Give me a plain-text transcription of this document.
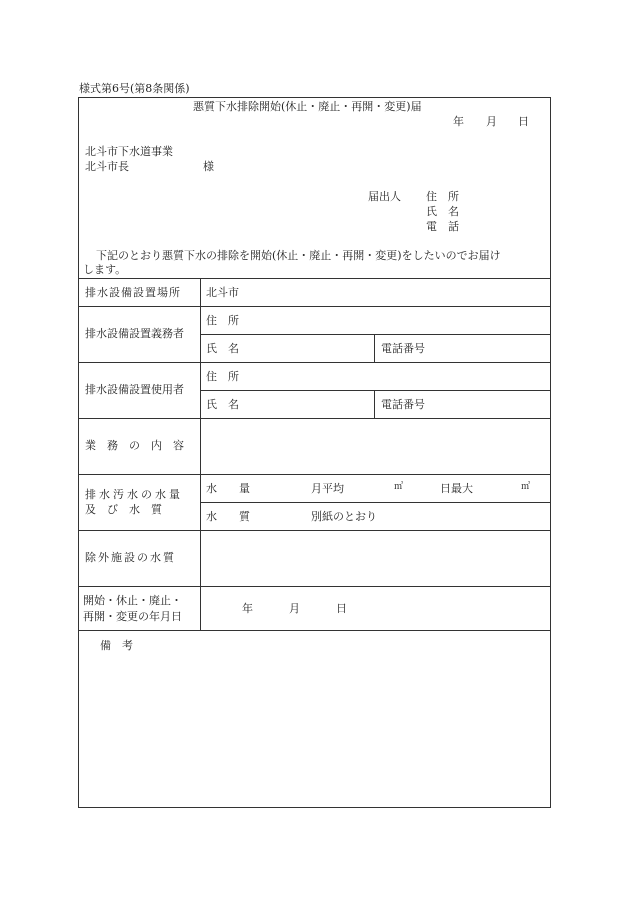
様式第6号(第8条関係)
悪質下水排除開始(休止・廃止・再開・変更)届
年 月 日
北斗市下水道事業
北斗市長	様
届出人 住　所
氏　名
電　話
下記のとおり悪質下水の排除を開始(休止・廃止・再開・変更)をしたいのでお届け
します。
排水設備設置場所 北斗市
排水設備設置義務者
住　所
氏　名	電話番号
排水設備設置使用者
住　所
氏　名	電話番号
業　務　の　内　容
排水汚水の水量
及　び　水　質
水　　量	月平均	㎥	日最大	㎥
水　　質	別紙のとおり
除外施設の水質
開始・休止・廃止・
再開・変更の年月日
年	月	日
備　考
